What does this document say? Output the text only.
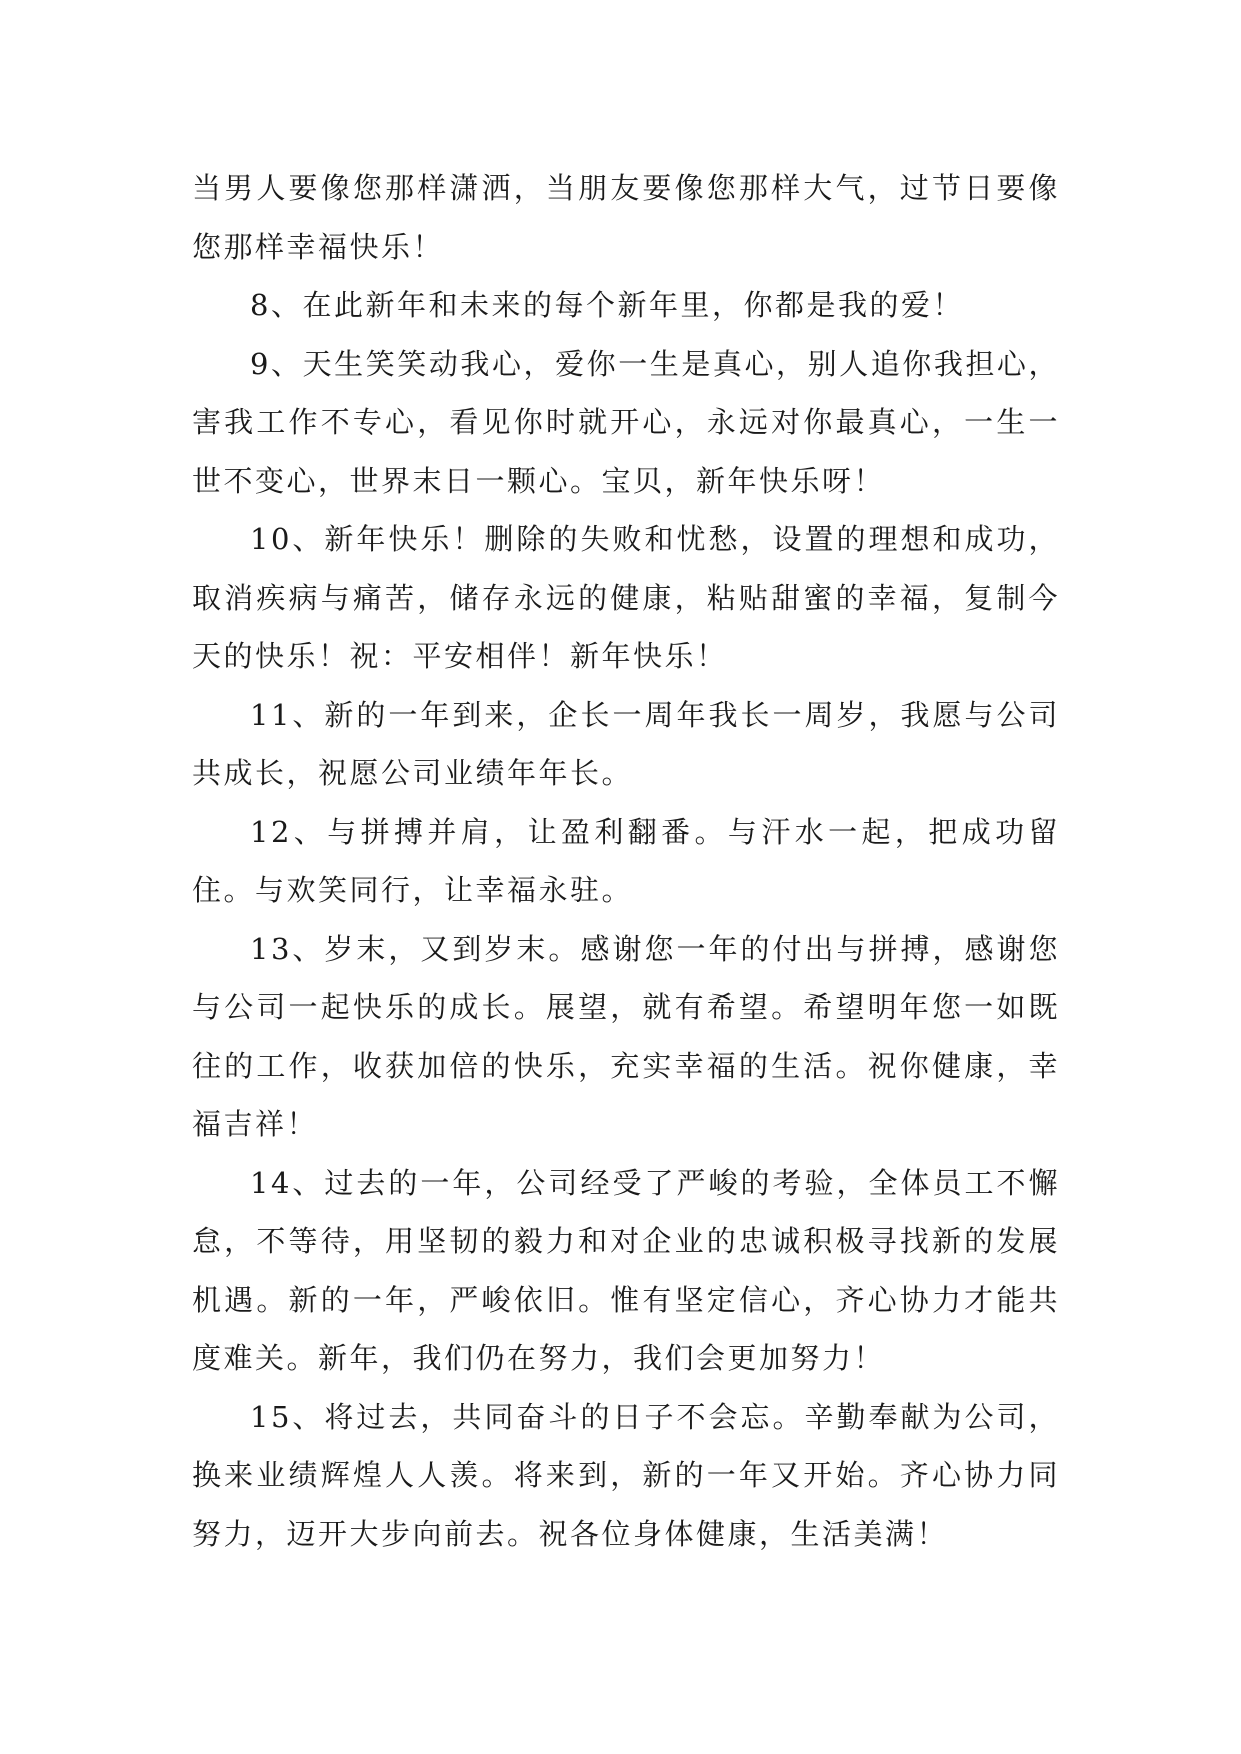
当男人要像您那样潇洒，当朋友要像您那样大气，过节日要像您那样幸福快乐！

8、在此新年和未来的每个新年里，你都是我的爱！

9、天生笑笑动我心，爱你一生是真心，别人追你我担心，害我工作不专心，看见你时就开心，永远对你最真心，一生一世不变心，世界末日一颗心。宝贝，新年快乐呀！

10、新年快乐！删除的失败和忧愁，设置的理想和成功，取消疾病与痛苦，储存永远的健康，粘贴甜蜜的幸福，复制今天的快乐！祝：平安相伴！新年快乐！

11、新的一年到来，企长一周年我长一周岁，我愿与公司共成长，祝愿公司业绩年年长。

12、与拼搏并肩，让盈利翻番。与汗水一起，把成功留住。与欢笑同行，让幸福永驻。

13、岁末，又到岁末。感谢您一年的付出与拼搏，感谢您与公司一起快乐的成长。展望，就有希望。希望明年您一如既往的工作，收获加倍的快乐，充实幸福的生活。祝你健康，幸福吉祥！

14、过去的一年，公司经受了严峻的考验，全体员工不懈怠，不等待，用坚韧的毅力和对企业的忠诚积极寻找新的发展机遇。新的一年，严峻依旧。惟有坚定信心，齐心协力才能共度难关。新年，我们仍在努力，我们会更加努力！

15、将过去，共同奋斗的日子不会忘。辛勤奉献为公司，换来业绩辉煌人人羡。将来到，新的一年又开始。齐心协力同努力，迈开大步向前去。祝各位身体健康，生活美满！
